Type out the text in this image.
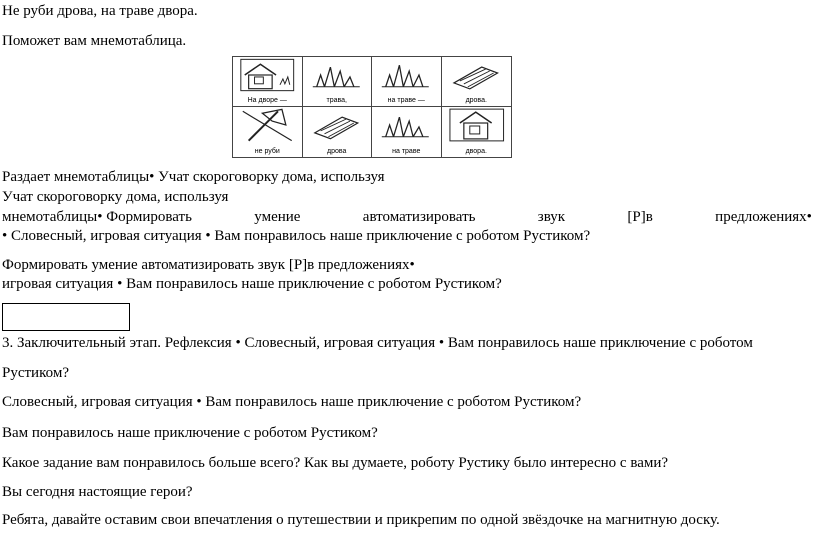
Не руби дрова, на траве двора.
Поможет вам мнемотаблица.
На дворе —	трава,	на траве —	дрова.
не руби	дрова	на траве	двора.
Раздает мнемотаблицы• Учат скороговорку дома, используя
Учат скороговорку дома, используя
мнемотаблицы• Формировать	умение	автоматизировать	звук	[Р]в	предложениях•
• Словесный, игровая ситуация • Вам понравилось наше приключение с роботом Рустиком?
Формировать умение автоматизировать звук [Р]в предложениях•
игровая ситуация • Вам понравилось наше приключение с роботом Рустиком?
3. Заключительный этап. Рефлексия • Словесный, игровая ситуация • Вам понравилось наше приключение с роботом
Рустиком?
Словесный, игровая ситуация • Вам понравилось наше приключение с роботом Рустиком?
Вам понравилось наше приключение с роботом Рустиком?
Какое задание вам понравилось больше всего? Как вы думаете, роботу Рустику было интересно с вами?
Вы сегодня настоящие герои?
Ребята, давайте оставим свои впечатления о путешествии и прикрепим по одной звёздочке на магнитную доску.
